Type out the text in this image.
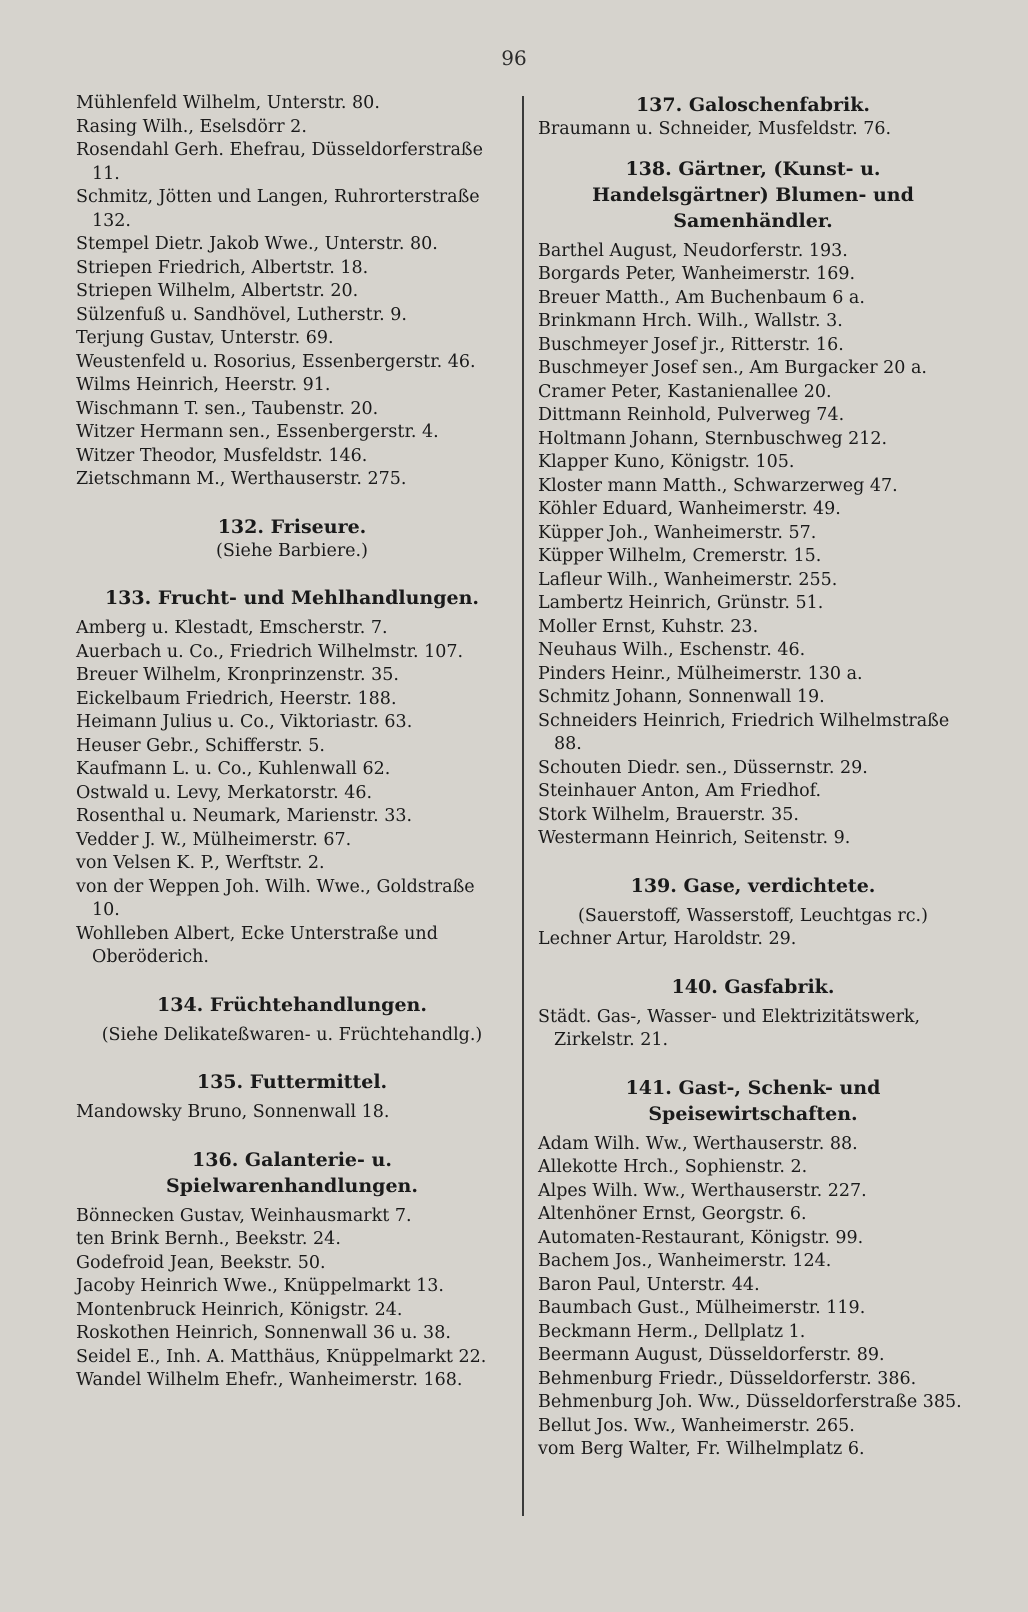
96

Mühlenfeld Wilhelm, Unterstr. 80.

Rasing Wilh., Eselsdörr 2.

Rosendahl Gerh. Ehefrau, Düsseldorferstraße 11.

Schmitz, Jötten und Langen, Ruhrorterstraße 132.

Stempel Dietr. Jakob Wwe., Unterstr. 80.

Striepen Friedrich, Albertstr. 18.

Striepen Wilhelm, Albertstr. 20.

Sülzenfuß u. Sandhövel, Lutherstr. 9.

Terjung Gustav, Unterstr. 69.

Weustenfeld u. Rosorius, Essenbergerstr. 46.

Wilms Heinrich, Heerstr. 91.

Wischmann T. sen., Taubenstr. 20.

Witzer Hermann sen., Essenbergerstr. 4.

Witzer Theodor, Musfeldstr. 146.

Zietschmann M., Werthauserstr. 275.

132. Friseure.

(Siehe Barbiere.)

133. Frucht- und Mehlhandlungen.

Amberg u. Klestadt, Emscherstr. 7.

Auerbach u. Co., Friedrich Wilhelmstr. 107.

Breuer Wilhelm, Kronprinzenstr. 35.

Eickelbaum Friedrich, Heerstr. 188.

Heimann Julius u. Co., Viktoriastr. 63.

Heuser Gebr., Schifferstr. 5.

Kaufmann L. u. Co., Kuhlenwall 62.

Ostwald u. Levy, Merkatorstr. 46.

Rosenthal u. Neumark, Marienstr. 33.

Vedder J. W., Mülheimerstr. 67.

von Velsen K. P., Werftstr. 2.

von der Weppen Joh. Wilh. Wwe., Goldstraße 10.

Wohlleben Albert, Ecke Unterstraße und Oberöderich.

134. Früchtehandlungen.

(Siehe Delikateßwaren- u. Früchtehandlg.)

135. Futtermittel.

Mandowsky Bruno, Sonnenwall 18.

136. Galanterie- u. Spielwarenhandlungen.

Bönnecken Gustav, Weinhausmarkt 7.

ten Brink Bernh., Beekstr. 24.

Godefroid Jean, Beekstr. 50.

Jacoby Heinrich Wwe., Knüppelmarkt 13.

Montenbruck Heinrich, Königstr. 24.

Roskothen Heinrich, Sonnenwall 36 u. 38.

Seidel E., Inh. A. Matthäus, Knüppelmarkt 22.

Wandel Wilhelm Ehefr., Wanheimerstr. 168.

137. Galoschenfabrik.

Braumann u. Schneider, Musfeldstr. 76.

138. Gärtner, (Kunst- u. Handelsgärtner) Blumen- und Samenhändler.

Barthel August, Neudorferstr. 193.

Borgards Peter, Wanheimerstr. 169.

Breuer Matth., Am Buchenbaum 6 a.

Brinkmann Hrch. Wilh., Wallstr. 3.

Buschmeyer Josef jr., Ritterstr. 16.

Buschmeyer Josef sen., Am Burgacker 20 a.

Cramer Peter, Kastanienallee 20.

Dittmann Reinhold, Pulverweg 74.

Holtmann Johann, Sternbuschweg 212.

Klapper Kuno, Königstr. 105.

Kloster mann Matth., Schwarzerweg 47.

Köhler Eduard, Wanheimerstr. 49.

Küpper Joh., Wanheimerstr. 57.

Küpper Wilhelm, Cremerstr. 15.

Lafleur Wilh., Wanheimerstr. 255.

Lambertz Heinrich, Grünstr. 51.

Moller Ernst, Kuhstr. 23.

Neuhaus Wilh., Eschenstr. 46.

Pinders Heinr., Mülheimerstr. 130 a.

Schmitz Johann, Sonnenwall 19.

Schneiders Heinrich, Friedrich Wilhelmstraße 88.

Schouten Diedr. sen., Düssernstr. 29.

Steinhauer Anton, Am Friedhof.

Stork Wilhelm, Brauerstr. 35.

Westermann Heinrich, Seitenstr. 9.

139. Gase, verdichtete.

(Sauerstoff, Wasserstoff, Leuchtgas rc.)

Lechner Artur, Haroldstr. 29.

140. Gasfabrik.

Städt. Gas-, Wasser- und Elektrizitätswerk, Zirkelstr. 21.

141. Gast-, Schenk- und Speisewirtschaften.

Adam Wilh. Ww., Werthauserstr. 88.

Allekotte Hrch., Sophienstr. 2.

Alpes Wilh. Ww., Werthauserstr. 227.

Altenhöner Ernst, Georgstr. 6.

Automaten-Restaurant, Königstr. 99.

Bachem Jos., Wanheimerstr. 124.

Baron Paul, Unterstr. 44.

Baumbach Gust., Mülheimerstr. 119.

Beckmann Herm., Dellplatz 1.

Beermann August, Düsseldorferstr. 89.

Behmenburg Friedr., Düsseldorferstr. 386.

Behmenburg Joh. Ww., Düsseldorferstraße 385.

Bellut Jos. Ww., Wanheimerstr. 265.

vom Berg Walter, Fr. Wilhelmplatz 6.
